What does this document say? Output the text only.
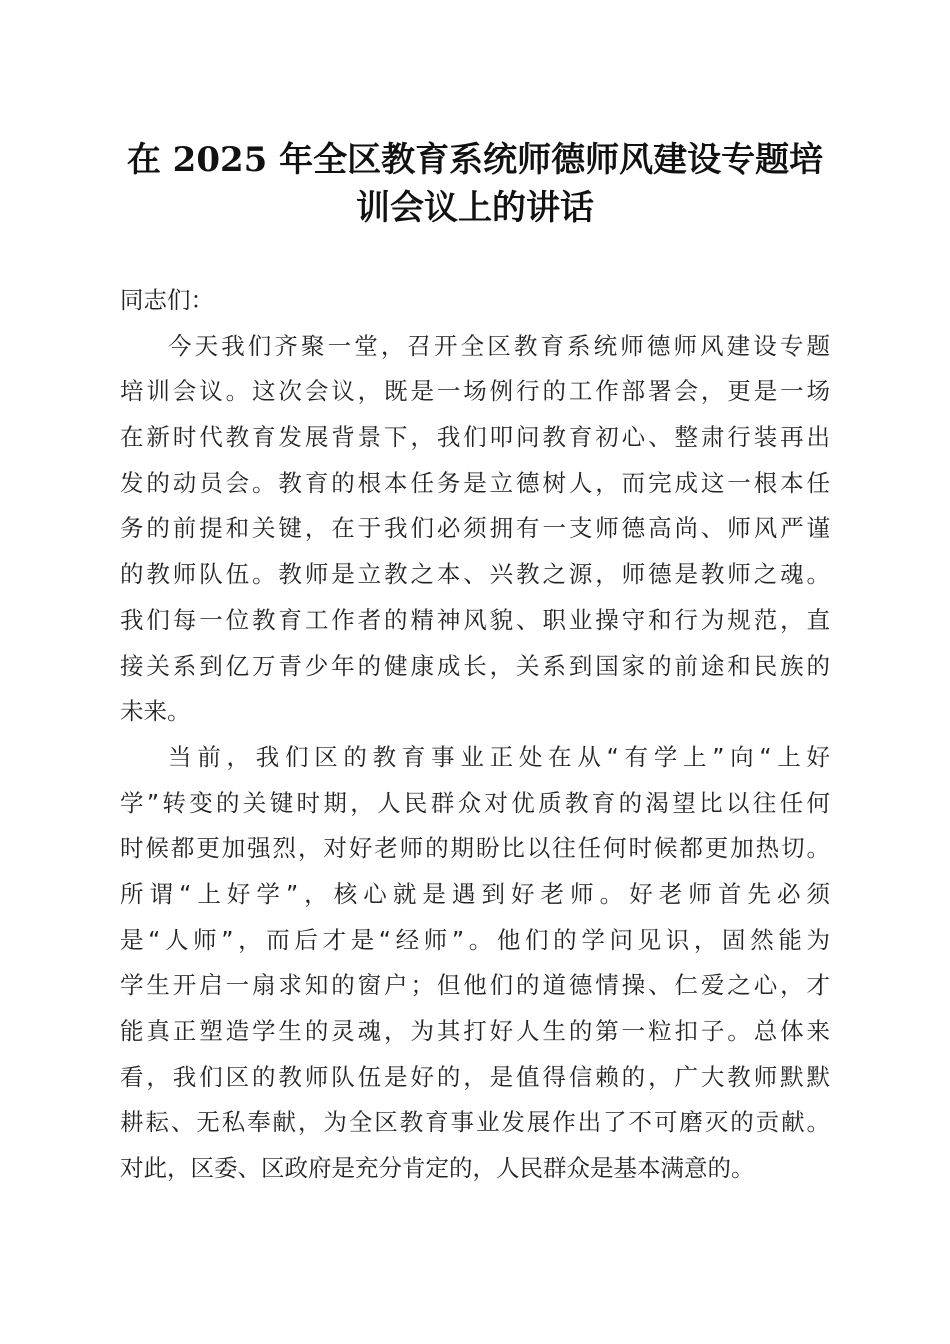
在 2025 年全区教育系统师德师风建设专题培
训会议上的讲话
同志们：
今天我们齐聚一堂，召开全区教育系统师德师风建设专题
培训会议。这次会议，既是一场例行的工作部署会，更是一场
在新时代教育发展背景下，我们叩问教育初心、整肃行装再出
发的动员会。教育的根本任务是立德树人，而完成这一根本任
务的前提和关键，在于我们必须拥有一支师德高尚、师风严谨
的教师队伍。教师是立教之本、兴教之源，师德是教师之魂。
我们每一位教育工作者的精神风貌、职业操守和行为规范，直
接关系到亿万青少年的健康成长，关系到国家的前途和民族的
未来。
当前，我们区的教育事业正处在从“有学上”向“上好
学”转变的关键时期，人民群众对优质教育的渴望比以往任何
时候都更加强烈，对好老师的期盼比以往任何时候都更加热切。
所谓“上好学”，核心就是遇到好老师。好老师首先必须
是“人师”，而后才是“经师”。他们的学问见识，固然能为
学生开启一扇求知的窗户；但他们的道德情操、仁爱之心，才
能真正塑造学生的灵魂，为其打好人生的第一粒扣子。总体来
看，我们区的教师队伍是好的，是值得信赖的，广大教师默默
耕耘、无私奉献，为全区教育事业发展作出了不可磨灭的贡献。
对此，区委、区政府是充分肯定的，人民群众是基本满意的。
